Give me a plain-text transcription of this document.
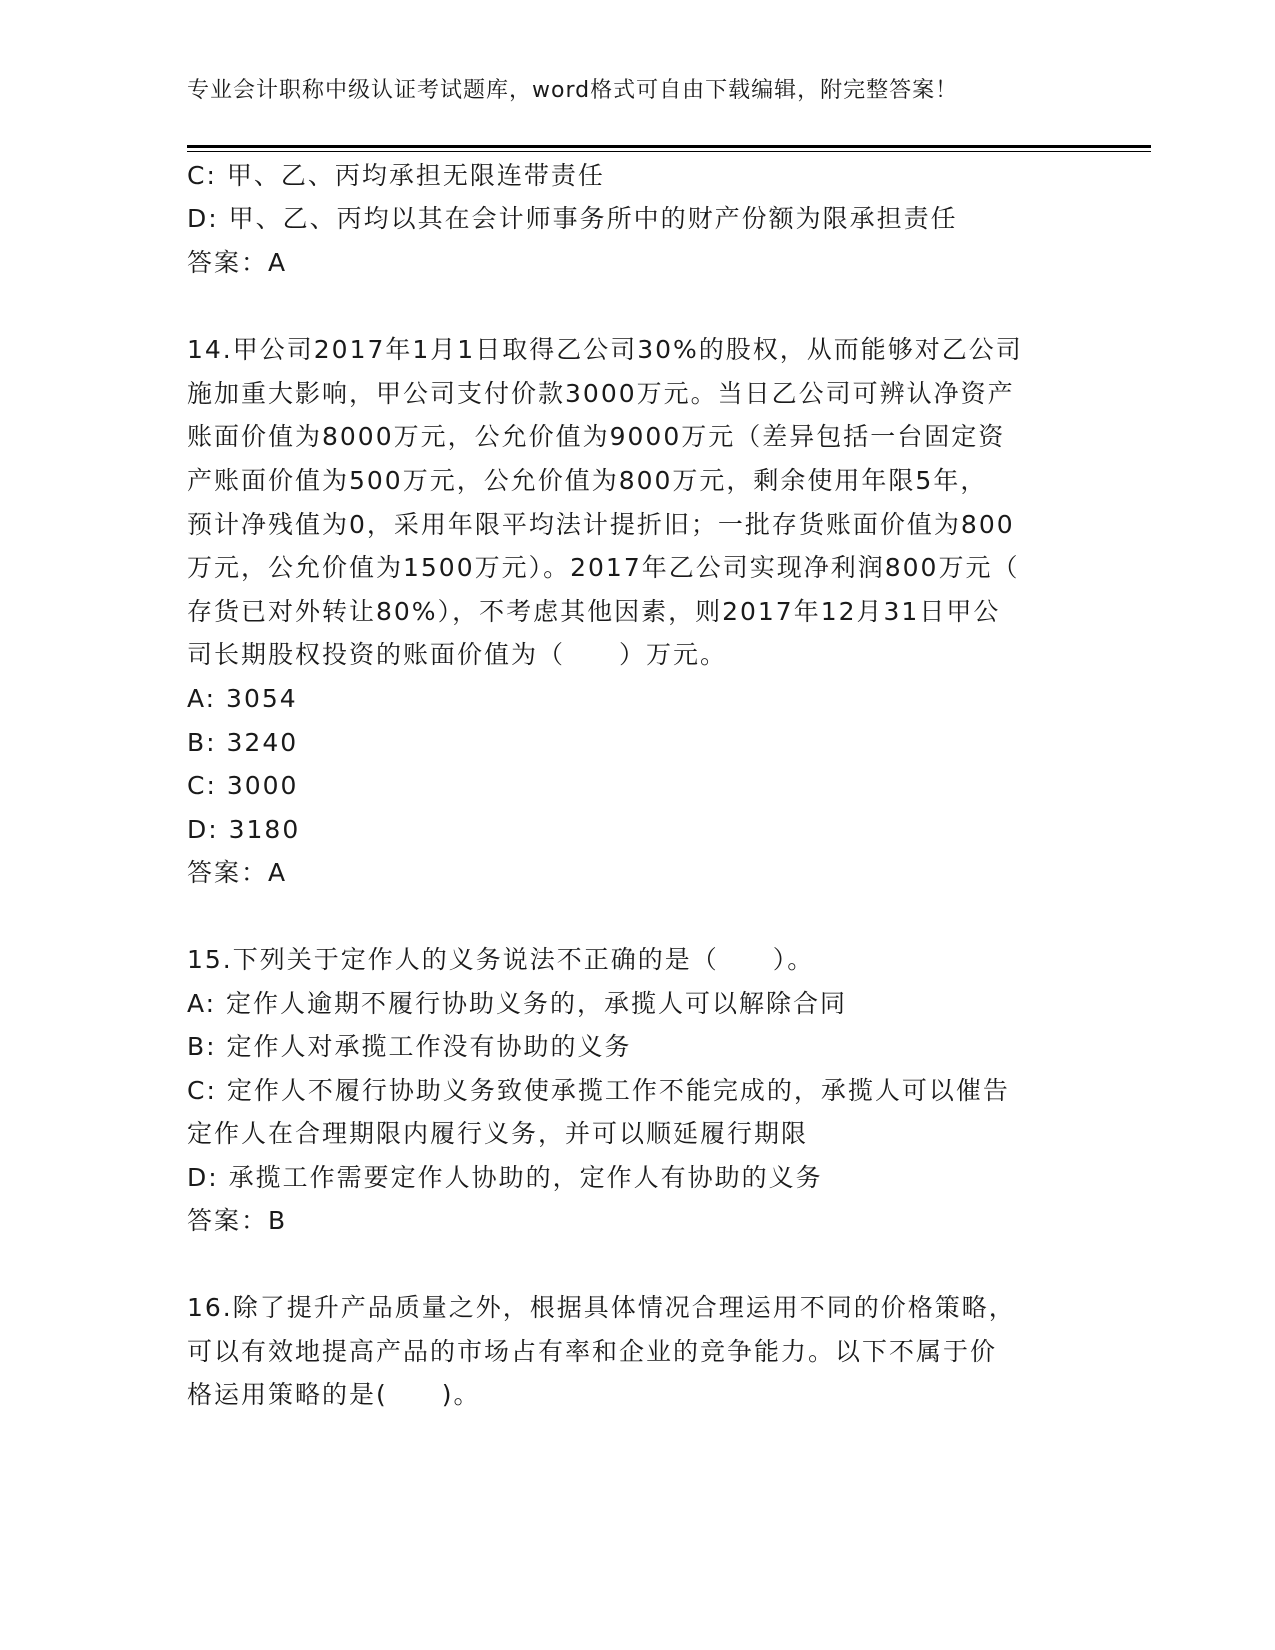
专业会计职称中级认证考试题库，word格式可自由下载编辑，附完整答案！
C: 甲、乙、丙均承担无限连带责任
D: 甲、乙、丙均以其在会计师事务所中的财产份额为限承担责任
答案：A
14.甲公司2017年1月1日取得乙公司30%的股权，从而能够对乙公司
施加重大影响，甲公司支付价款3000万元。当日乙公司可辨认净资产
账面价值为8000万元，公允价值为9000万元（差异包括一台固定资
产账面价值为500万元，公允价值为800万元，剩余使用年限5年，
预计净残值为0，采用年限平均法计提折旧；一批存货账面价值为800
万元，公允价值为1500万元）。2017年乙公司实现净利润800万元（
存货已对外转让80%），不考虑其他因素，则2017年12月31日甲公
司长期股权投资的账面价值为（　　）万元。
A: 3054
B: 3240
C: 3000
D: 3180
答案：A
15.下列关于定作人的义务说法不正确的是（　　）。
A: 定作人逾期不履行协助义务的，承揽人可以解除合同
B: 定作人对承揽工作没有协助的义务
C: 定作人不履行协助义务致使承揽工作不能完成的，承揽人可以催告
定作人在合理期限内履行义务，并可以顺延履行期限
D: 承揽工作需要定作人协助的，定作人有协助的义务
答案：B
16.除了提升产品质量之外，根据具体情况合理运用不同的价格策略，
可以有效地提高产品的市场占有率和企业的竞争能力。以下不属于价
格运用策略的是(　　)。
